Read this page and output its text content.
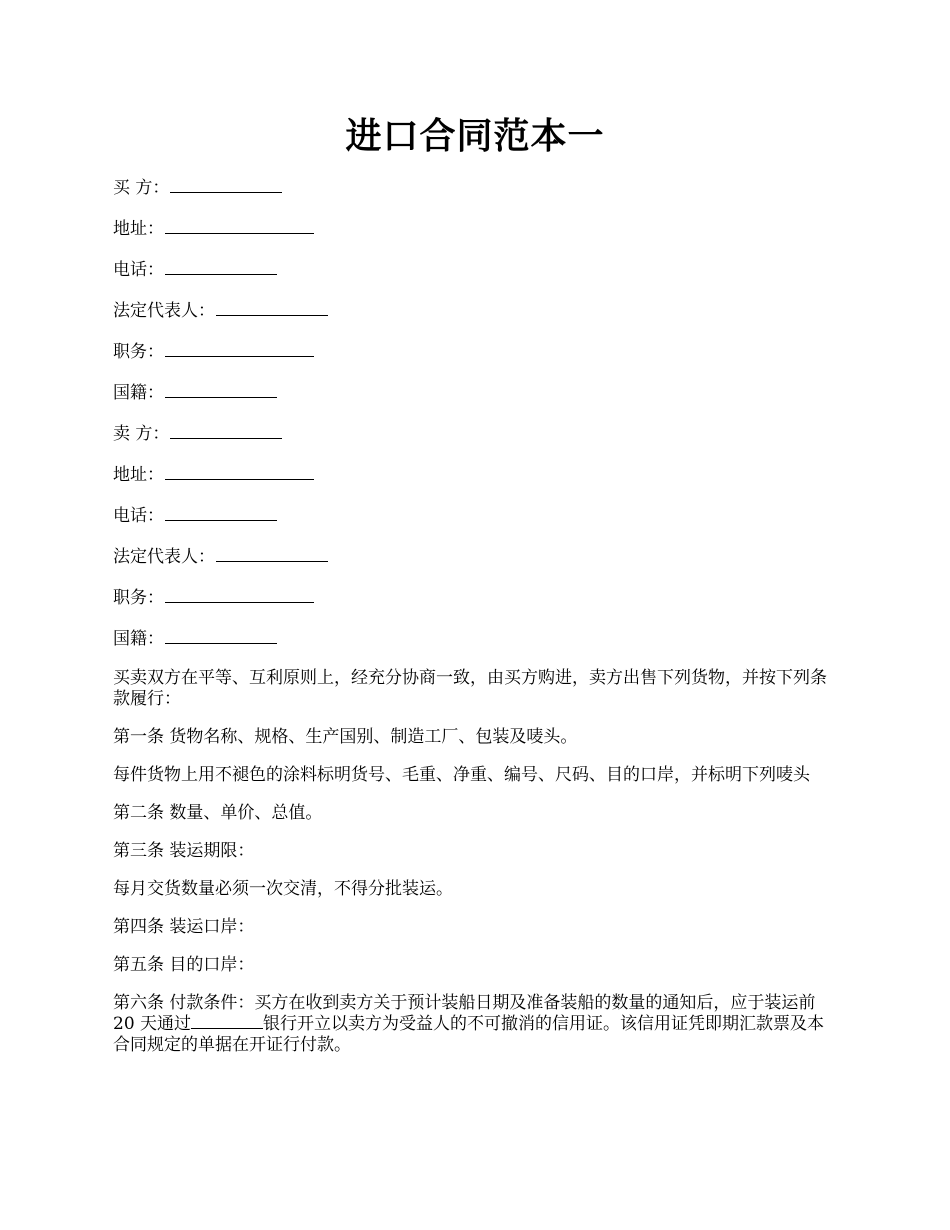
进口合同范本一
买 方：
地址：
电话：
法定代表人：
职务：
国籍：
卖 方：
地址：
电话：
法定代表人：
职务：
国籍：

买卖双方在平等、互利原则上，经充分协商一致，由买方购进，卖方出售下列货物，并按下列条款履行：

第一条 货物名称、规格、生产国别、制造工厂、包装及唛头。

每件货物上用不褪色的涂料标明货号、毛重、净重、编号、尺码、目的口岸，并标明下列唛头

第二条 数量、单价、总值。

第三条 装运期限：

每月交货数量必须一次交清，不得分批装运。

第四条 装运口岸：

第五条 目的口岸：

第六条 付款条件：买方在收到卖方关于预计装船日期及准备装船的数量的通知后，应于装运前 20 天通过	银行开立以卖方为受益人的不可撤消的信用证。该信用证凭即期汇款票及本合同规定的单据在开证行付款。
